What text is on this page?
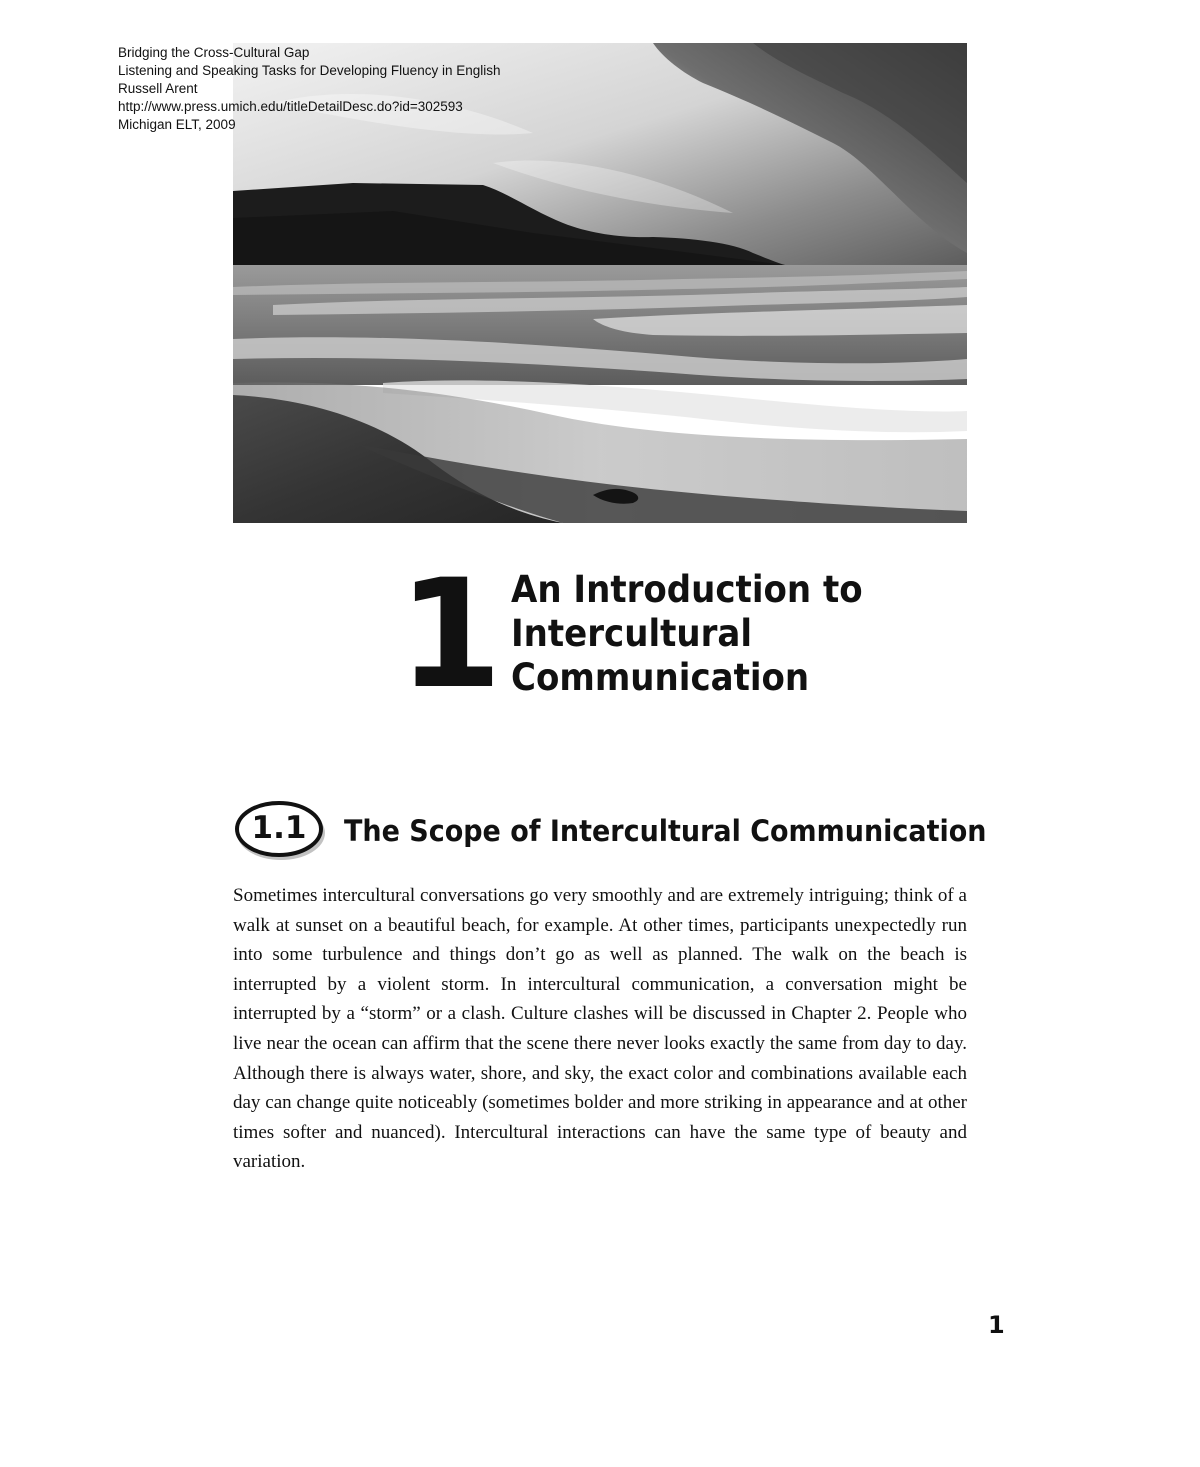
Bridging the Cross-Cultural Gap
Listening and Speaking Tasks for Developing Fluency in English
Russell Arent
http://www.press.umich.edu/titleDetailDesc.do?id=302593
Michigan ELT, 2009
1 An Introduction to
Intercultural
Communication
1.1	The Scope of Intercultural Communication
Sometimes intercultural conversations go very smoothly and are extremely intriguing; think of a walk at sunset on a beautiful beach, for example. At other times, participants unexpectedly run into some turbulence and things don’t go as well as planned. The walk on the beach is interrupted by a violent storm. In intercultural communication, a conversation might be interrupted by a “storm” or a clash. Culture clashes will be discussed in Chapter 2. People who live near the ocean can affirm that the scene there never looks exactly the same from day to day. Although there is always water, shore, and sky, the exact color and combinations available each day can change quite noticeably (sometimes bolder and more striking in appearance and at other times softer and nuanced). Intercultural interactions can have the same type of beauty and variation.
1
